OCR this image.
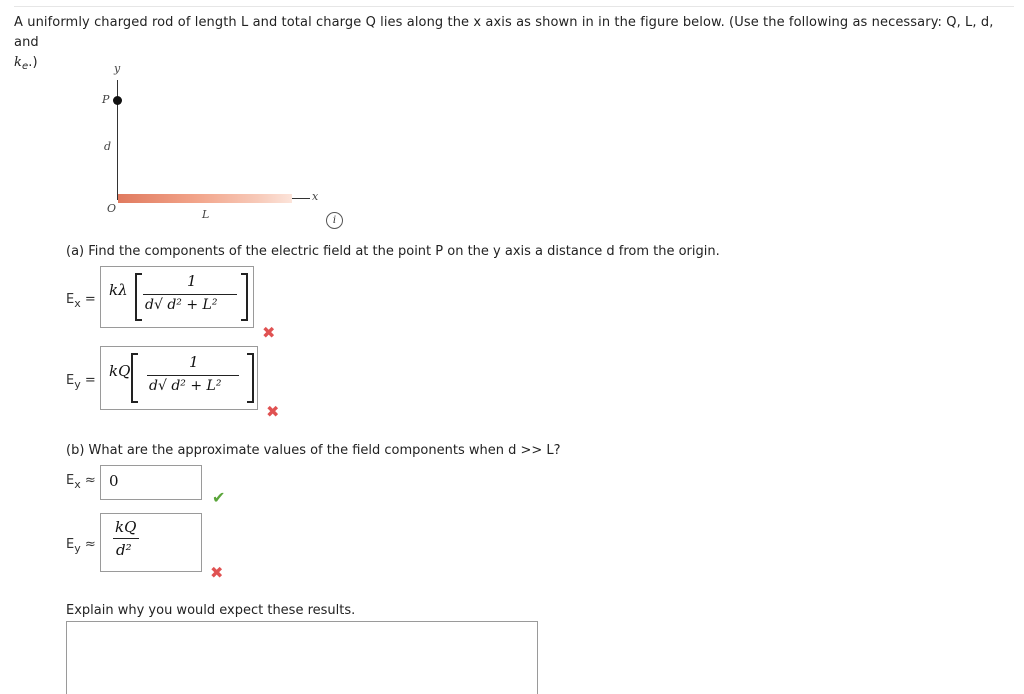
A uniformly charged rod of length L and total charge Q lies along the x axis as shown in in the figure below. (Use the following as necessary: Q, L, d, and
$k_e$.)	y
P
d
x
O	L	i
(a) Find the components of the electric field at the point P on the y axis a distance d from the origin.
$E_x$ =
kλ	1
d√ d² + L²
✖
$E_y$ =
kQ	1
d√ d² + L²
✖
(b) What are the approximate values of the field components when d >> L?
$E_x \approx 0$
✔
$E_y$ ≈
kQ
d²
✖
Explain why you would expect these results.
